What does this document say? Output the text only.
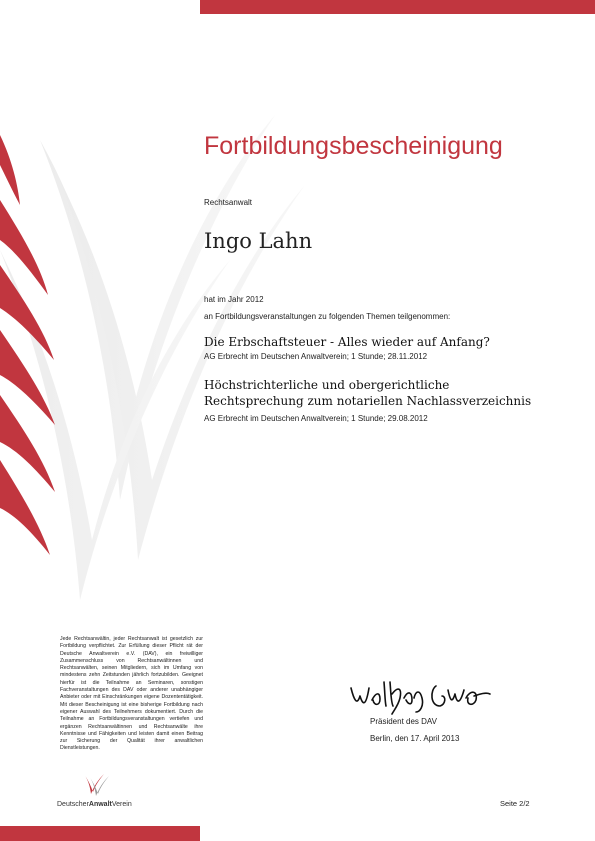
Fortbildungsbescheinigung
Rechtsanwalt
Ingo Lahn
hat im Jahr 2012
an Fortbildungsveranstaltungen zu folgenden Themen teilgenommen:
Die Erbschaftsteuer - Alles wieder auf Anfang?
AG Erbrecht im Deutschen Anwaltverein; 1 Stunde; 28.11.2012
Höchstrichterliche und obergerichtliche
Rechtsprechung zum notariellen Nachlassverzeichnis
AG Erbrecht im Deutschen Anwaltverein; 1 Stunde; 29.08.2012
Jede Rechtsanwältin, jeder Rechtsanwalt ist gesetzlich zur Fortbildung verpflichtet. Zur Erfüllung dieser Pflicht rät der Deutsche Anwaltverein e.V. (DAV), ein freiwilliger Zusammenschluss von Rechtsanwältinnen und Rechtsanwälten, seinen Mitgliedern, sich im Umfang von mindestens zehn Zeitstunden jährlich fortzubilden. Geeignet hierfür ist die Teilnahme an Seminaren, sonstigen Fachveranstaltungen des DAV oder anderer unabhängiger Anbieter oder mit Einschränkungen eigene Dozententätigkeit. Mit dieser Bescheinigung ist eine bisherige Fortbildung nach eigener Auswahl des Teilnehmers dokumentiert. Durch die Teilnahme an Fortbildungsveranstaltungen vertiefen und ergänzen Rechtsanwältinnen und Rechtsanwälte ihre Kenntnisse und Fähigkeiten und leisten damit einen Beitrag zur Sicherung der Qualität ihrer anwaltlichen Dienstleistungen.
Präsident des DAV
Berlin, den 17. April 2013
DeutscherAnwaltVerein	Seite 2/2
